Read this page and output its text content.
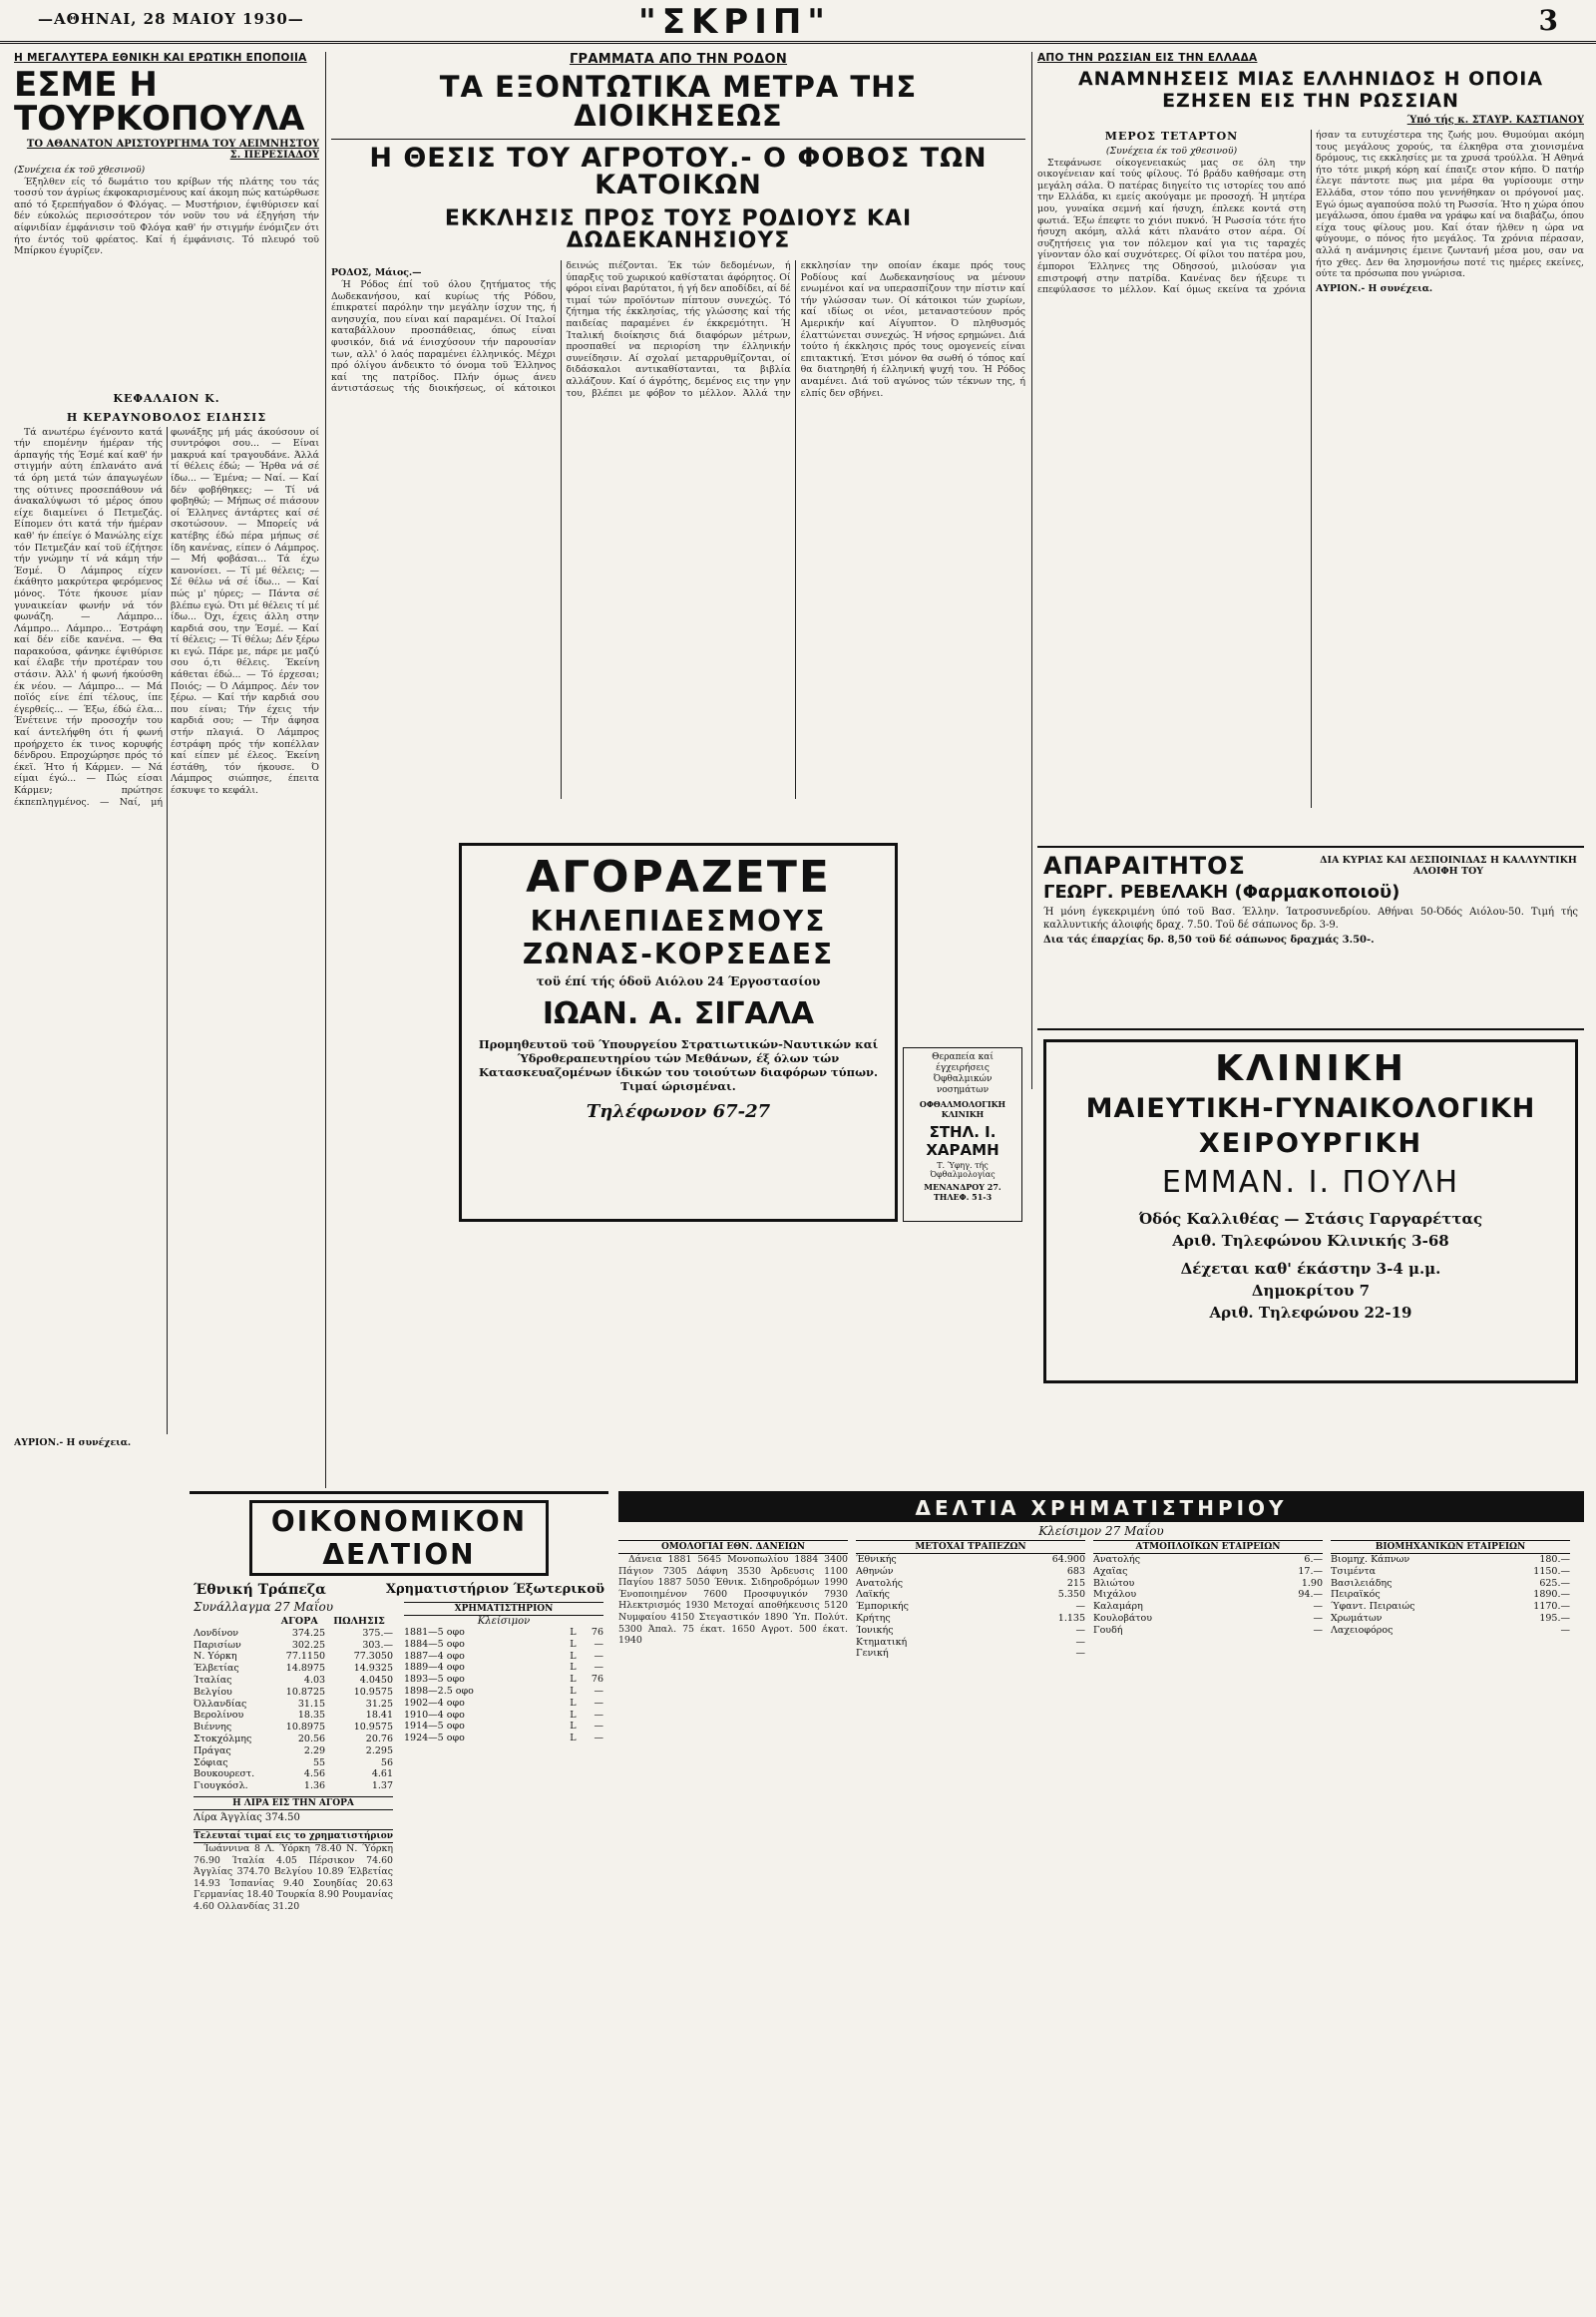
—ΑΘΗΝΑΙ, 28 ΜΑΙΟΥ 1930—	"ΣΚΡΙΠ"	3
Η ΜΕΓΑΛΥΤΕΡΑ ΕΘΝΙΚΗ ΚΑΙ ΕΡΩΤΙΚΗ ΕΠΟΠΟΙΪΑ
ΕΣΜΕ Η ΤΟΥΡΚΟΠΟΥΛΑ
ΤΟ ΑΘΑΝΑΤΟΝ ΑΡΙΣΤΟΥΡΓΗΜΑ ΤΟΥ ΑΕΙΜΝΗΣΤΟΥ Σ. ΠΕΡΕΣΙΑΔΟΥ
(Συνέχεια έκ τοϋ χθεσινοϋ)
Έξηλθεν είς τό δωμάτιο του κρίβων τής πλάτης του τάς τοσσύ τον άγρίως έκφοκαρισμένους καί άκομη πώς κατώρθωσε από τό ξερεπήγαδον ό Φλόγας. — Μυστήριον, έψιθύρισεν καί δέν εύκολώς περισσότερον τόν νοϋν του νά έξηγήση τήν αίφνιδίαν έμφάνισιν τοϋ Φλόγα καθ' ήν στιγμήν ένόμιζεν ότι ήτο έντός τοϋ φρέατος. Καί ή έμφάνισις. Τό πλευρό τοϋ Μπίρκου έγυρίζεν.
ΚΕΦΑΛΑΙΟΝ Κ.
Η ΚΕΡΑΥΝΟΒΟΛΟΣ ΕΙΔΗΣΙΣ
Τά ανωτέρω έγένοντο κατά τήν επομένην ήμέραν τής άρπαγής τής Έσμέ καί καθ' ήν στιγμήν αύτη έπλανάτο ανά τά όρη μετά τών άπαγωγέων της ούτινες προσεπάθουν νά άνακαλύψωσι τό μέρος όπου είχε διαμείνει ό Πετμεζάς. Είπομεν ότι κατά τήν ήμέραν καθ' ήν έπείγε ό Μανώλης είχε τόν Πετμεζάν καί τοϋ έζήτησε τήν γνώμην τί νά κάμη τήν Έσμέ. Ό Λάμπρος είχεν έκάθητο μακρύτερα φερόμενος μόνος. Τότε ήκουσε μίαν γυναικείαν φωνήν νά τόν φωνάζη. — Λάμπρο... Λάμπρο... Λάμπρο... Έστράφη καί δέν είδε κανένα. — Θα παρακούσα, φάνηκε έψιθύρισε καί έλαβε τήν προτέραν του στάσιν. Άλλ' ή φωνή ήκούσθη έκ νέου. — Λάμπρο... — Μά ποϊός είνε έπί τέλους, ίπε έγερθείς... — Έξω, έδώ έλα... Ένέτεινε τήν προσοχήν του καί άντελήφθη ότι ή φωνή προήρχετο έκ τινος κορυφής δένδρου. Επροχώρησε πρός τό έκεϊ. Ήτο ή Κάρμεν. — Νά είμαι έγώ... — Πώς είσαι Κάρμεν; πρώτησε έκπεπληγμένος. — Ναί, μή φωνάξης μή μάς άκούσουν οί συντρόφοι σου... — Είναι μακρυά καί τραγουδάνε. Άλλά τί θέλεις έδώ; — Ήρθα νά σέ ίδω... — Έμένα; — Ναί. — Καί δέν φοβήθηκες; — Τί νά φοβηθώ; — Μήπως σέ πιάσουν οί Έλληνες άντάρτες καί σέ σκοτώσουν. — Μπορείς νά κατέβης έδώ πέρα μήπως σέ ίδη κανένας, είπεν ό Λάμπρος. — Μή φοβάσαι... Τά έχω κανονίσει. — Τί μέ θέλεις; — Σέ θέλω νά σέ ίδω... — Καί πώς μ' ηύρες; — Πάντα σέ βλέπω εγώ. Ότι μέ θέλεις τί μέ ίδω... Όχι, έχεις άλλη στην καρδιά σου, την Έσμέ. — Καί τί θέλεις; — Τί θέλω; Δέν ξέρω κι εγώ. Πάρε με, πάρε με μαζύ σου ό,τι θέλεις. Έκείνη κάθεται έδώ... — Τό έρχεσαι; Ποιός; — Ό Λάμπρος. Δέν τον ξέρω. — Καί τήν καρδιά σου που είναι; Τήν έχεις τήν καρδιά σου; — Τήν άφησα στήν πλαγιά. Ό Λάμπρος έστράφη πρός τήν κοπέλλαν καί είπεν μέ έλεος. Έκείνη έστάθη, τόν ήκουσε. Ό Λάμπρος σιώπησε, έπειτα έσκυψε το κεφάλι.
ΑΥΡΙΟΝ.- Η συνέχεια.
ΓΡΑΜΜΑΤΑ ΑΠΟ ΤΗΝ ΡΟΔΟΝ
ΤΑ ΕΞΟΝΤΩΤΙΚΑ ΜΕΤΡΑ ΤΗΣ ΔΙΟΙΚΗΣΕΩΣ
Η ΘΕΣΙΣ ΤΟΥ ΑΓΡΟΤΟΥ.- Ο ΦΟΒΟΣ ΤΩΝ ΚΑΤΟΙΚΩΝ
ΕΚΚΛΗΣΙΣ ΠΡΟΣ ΤΟΥΣ ΡΟΔΙΟΥΣ ΚΑΙ ΔΩΔΕΚΑΝΗΣΙΟΥΣ
ΡΟΔΟΣ, Μάιος.—
Ή Ρόδος έπί τοϋ όλου ζητήματος τής Δωδεκανήσου, καί κυρίως τής Ρόδου, έπικρατεί παρόλην την μεγάλην ίσχυν της, ή ανησυχία, που είναι καί παραμένει. Οί Ιταλοί καταβάλλουν προσπάθειας, όπως είναι φυσικόν, διά νά ένισχύσουν τήν παρουσίαν των, αλλ' ό λαός παραμένει έλληνικός. Μέχρι πρό όλίγου άνδεικτο τό όνομα τοϋ Έλληνος καί της πατρίδος. Πλήν όμως άνευ άντιστάσεως τής διοικήσεως, οί κάτοικοι δεινώς πιέζονται. Έκ τών δεδομένων, ή ύπαρξις τοϋ χωρικού καθίσταται άφόρητος. Οί φόροι είναι βαρύτατοι, ή γή δεν αποδίδει, αί δέ τιμαί τών προϊόντων πίπτουν συνεχώς. Τό ζήτημα τής έκκλησίας, τής γλώσσης καί τής παιδείας παραμένει έν έκκρεμότητι. Ή Ίταλική διοίκησις διά διαφόρων μέτρων, προσπαθεί να περιορίση την έλληνικήν συνείδησιν. Αί σχολαί μεταρρυθμίζονται, οί διδάσκαλοι αντικαθίστανται, τα βιβλία αλλάζουν. Καί ό άγρότης, δεμένος εις την γην του, βλέπει με φόβον το μέλλον. Άλλά την εκκλησίαν την οποίαν έκαμε πρός τους Ροδίους καί Δωδεκανησίους να μένουν ενωμένοι καί να υπερασπίζουν την πίστιν καί τήν γλώσσαν των. Οί κάτοικοι τών χωρίων, καί ιδίως οι νέοι, μεταναστεύουν πρός Αμερικήν καί Αίγυπτον. Ό πληθυσμός έλαττώνεται συνεχώς. Ή νήσος ερημώνει. Διά τούτο ή έκκλησις πρός τους ομογενείς είναι επιτακτική. Έτσι μόνον θα σωθή ό τόπος καί θα διατηρηθή ή έλληνική ψυχή του. Ή Ρόδος αναμένει. Διά τοϋ αγώνος τών τέκνων της, ή ελπίς δεν σβήνει.
ΑΓΟΡΑΖΕΤΕ
ΚΗΛΕΠΙΔΕΣΜΟΥΣ
ΖΩΝΑΣ-ΚΟΡΣΕΔΕΣ
τοϋ έπί τής όδοϋ Αιόλου 24 Έργοστασίου
ΙΩΑΝ. Α. ΣΙΓΑΛΑ
Προμηθευτοϋ τοϋ Ύπουργείου Στρατιωτικών-Ναυτικών καί Ύδροθεραπευτηρίου τών Μεθάνων, έξ όλων τών Κατασκευαζομένων ίδικών του τοιούτων διαφόρων τύπων. Τιμαί ώρισμέναι.
Τηλέφωνον 67-27
Θεραπεία καί έγχειρήσεις Όφθαλμικών νοσημάτων
ΟΦΘΑΛΜΟΛΟΓΙΚΗ ΚΛΙΝΙΚΗ
ΣΤΗΛ. Ι. ΧΑΡΑΜΗ
Τ. Ύφηγ. τής Όφθαλμολογίας
ΜΕΝΑΝΔΡΟΥ 27. ΤΗΛΕΦ. 51-3
ΑΠΟ ΤΗΝ ΡΩΣΣΙΑΝ ΕΙΣ ΤΗΝ ΕΛΛΑΔΑ
ΑΝΑΜΝΗΣΕΙΣ ΜΙΑΣ ΕΛΛΗΝΙΔΟΣ Η ΟΠΟΙΑ ΕΖΗΣΕΝ ΕΙΣ ΤΗΝ ΡΩΣΣΙΑΝ
Ύπό τής κ. ΣΤΑΥΡ. ΚΑΣΤΙΑΝΟΥ
ΜΕΡΟΣ ΤΕΤΑΡΤΟΝ
(Συνέχεια έκ τοϋ χθεσινοϋ)
Στεφάνωσε οίκογενειακώς μας σε όλη την οικογένειαν καί τούς φίλους. Τό βράδυ καθήσαμε στη μεγάλη σάλα. Ό πατέρας διηγείτο τις ιστορίες του από την Ελλάδα, κι εμείς ακούγαμε με προσοχή. Ή μητέρα μου, γυναίκα σεμνή καί ήσυχη, έπλεκε κοντά στη φωτιά. Έξω έπεφτε το χιόνι πυκνό. Ή Ρωσσία τότε ήτο ήσυχη ακόμη, αλλά κάτι πλανάτο στον αέρα. Οί συζητήσεις για τον πόλεμον καί για τις ταραχές γίνονταν όλο καί συχνότερες. Οί φίλοι του πατέρα μου, έμποροι Έλληνες της Οδησσού, μιλούσαν για επιστροφή στην πατρίδα. Κανένας δεν ήξευρε τι επεφύλασσε το μέλλον. Καί όμως εκείνα τα χρόνια ήσαν τα ευτυχέστερα της ζωής μου. Θυμούμαι ακόμη τους μεγάλους χορούς, τα έλκηθρα στα χιονισμένα δρόμους, τις εκκλησίες με τα χρυσά τρούλλα. Ή Αθηνά ήτο τότε μικρή κόρη καί έπαιζε στον κήπο. Ό πατήρ έλεγε πάντοτε πως μια μέρα θα γυρίσουμε στην Ελλάδα, στον τόπο που γεννήθηκαν οι πρόγονοί μας. Εγώ όμως αγαπούσα πολύ τη Ρωσσία. Ήτο η χώρα όπου μεγάλωσα, όπου έμαθα να γράφω καί να διαβάζω, όπου είχα τους φίλους μου. Καί όταν ήλθεν η ώρα να φύγουμε, ο πόνος ήτο μεγάλος. Τα χρόνια πέρασαν, αλλά η ανάμνησις έμεινε ζωντανή μέσα μου, σαν να ήτο χθες. Δεν θα λησμονήσω ποτέ τις ημέρες εκείνες, ούτε τα πρόσωπα που γνώρισα.
ΑΥΡΙΟΝ.- Η συνέχεια.
ΑΠΑΡΑΙΤΗΤΟΣ	ΔΙΑ ΚΥΡΙΑΣ ΚΑΙ ΔΕΣΠΟΙΝΙΔΑΣ Η ΚΑΛΛΥΝΤΙΚΗ ΑΛΟΙΦΗ ΤΟΥ
ΓΕΩΡΓ. ΡΕΒΕΛΑΚΗ (Φαρμακοποιοϋ)
Ή μόνη έγκεκριμένη ύπό τοϋ Βασ. Έλλην. Ίατροσυνεδρίου. Αθήναι 50-Όδός Αιόλου-50. Τιμή τής καλλυντικής άλοιφής δραχ. 7.50. Τοϋ δέ σάπωνος δρ. 3-9.
Δια τάς έπαρχίας δρ. 8,50 τοϋ δέ σάπωνος δραχμάς 3.50-.
ΚΛΙΝΙΚΗ
ΜΑΙΕΥΤΙΚΗ-ΓΥΝΑΙΚΟΛΟΓΙΚΗ
ΧΕΙΡΟΥΡΓΙΚΗ
ΕΜΜΑΝ. Ι. ΠΟΥΛΗ
Όδός Καλλιθέας — Στάσις Γαργαρέττας
Αριθ. Τηλεφώνου Κλινικής 3-68
Δέχεται καθ' έκάστην 3-4 μ.μ.
Δημοκρίτου 7
Αριθ. Τηλεφώνου 22-19
ΟΙΚΟΝΟΜΙΚΟΝ ΔΕΛΤΙΟΝ
Έθνική Τράπεζα	Χρηματιστήριον Έξωτερικοϋ
Συνάλλαγμα 27 Μαΐου
	ΑΓΟΡΑ	ΠΩΛΗΣΙΣ
Λονδίνον	374.25	375.—
Παρισίων	302.25	303.—
Ν. Υόρκη	77.1150	77.3050
Έλβετίας	14.8975	14.9325
Ίταλίας	4.03	4.0450
Βελγίου	10.8725	10.9575
Όλλανδίας	31.15	31.25
Βερολίνου	18.35	18.41
Βιέννης	10.8975	10.9575
Στοκχόλμης	20.56	20.76
Πράγας	2.29	2.295
Σόφιας	55	56
Βουκουρεστ.	4.56	4.61
Γιουγκόσλ.	1.36	1.37
Η ΛΙΡΑ ΕΙΣ ΤΗΝ ΑΓΟΡΑ
Λίρα Άγγλίας 374.50
Τελευταί τιμαί εις το χρηματιστήριον
Ίωάννινα 8 Λ. Ύόρκη 78.40 Ν. Ύόρκη 76.90 Ίταλία 4.05 Πέρσικον 74.60 Άγγλίας 374.70 Βελγίου 10.89 Έλβετίας 14.93 Ίσπανίας 9.40 Σουηδίας 20.63 Γερμανίας 18.40 Τουρκία 8.90 Ρουμανίας 4.60 Ολλανδίας 31.20
ΧΡΗΜΑΤΙΣΤΗΡΙΟΝ
Κλείσιμον
1881—5 οφο	L	76
1884—5 οφο	L	—
1887—4 οφο	L	—
1889—4 οφο	L	—
1893—5 οφο	L	76
1898—2.5 οφο	L	—
1902—4 οφο	L	—
1910—4 οφο	L	—
1914—5 οφο	L	—
1924—5 οφο	L	—
ΔΕΛΤΙΑ ΧΡΗΜΑΤΙΣΤΗΡΙΟΥ
Κλείσιμον 27 Μαΐου
ΟΜΟΛΟΓΙΑΙ ΕΘΝ. ΔΑΝΕΙΩΝ
Δάνεια 1881 5645 Μονοπωλίου 1884 3400 Πάγιον 7305 Δάφνη 3530 Άρδευσις 1100 Παγίου 1887 5050 Έθνικ. Σιδηροδρόμων 1990 Ένοποιημένον 7600 Προσφυγικόν 7930 Ηλεκτρισμός 1930 Μετοχαί αποθήκευσις 5120 Νυμφαίου 4150 Στεγαστικόν 1890 Ύπ. Πολύτ. 5300 Άπαλ. 75 έκατ. 1650 Αγροτ. 500 έκατ. 1940
ΜΕΤΟΧΑΙ ΤΡΑΠΕΖΩΝ
Έθνικής	64.900
Αθηνών	683
Ανατολής	215
Λαϊκής	5.350
Έμπορικής	—
Κρήτης	1.135
Ίονικής	—
Κτηματική	—
Γενική	—
ΑΤΜΟΠΛΟΪΚΩΝ ΕΤΑΙΡΕΙΩΝ
Ανατολής	6.—
Αχαΐας	17.—
Βλιώτου	1.90
Μιχάλου	94.—
Καλαμάρη	—
Κουλοβάτου	—
Γουδή	—
ΒΙΟΜΗΧΑΝΙΚΩΝ ΕΤΑΙΡΕΙΩΝ
Βιομηχ. Κάπνων	180.—
Τσιμέντα	1150.—
Βασιλειάδης	625.—
Πειραϊκός	1890.—
Ύφαντ. Πειραιώς	1170.—
Χρωμάτων	195.—
Λαχειοφόρος	—
